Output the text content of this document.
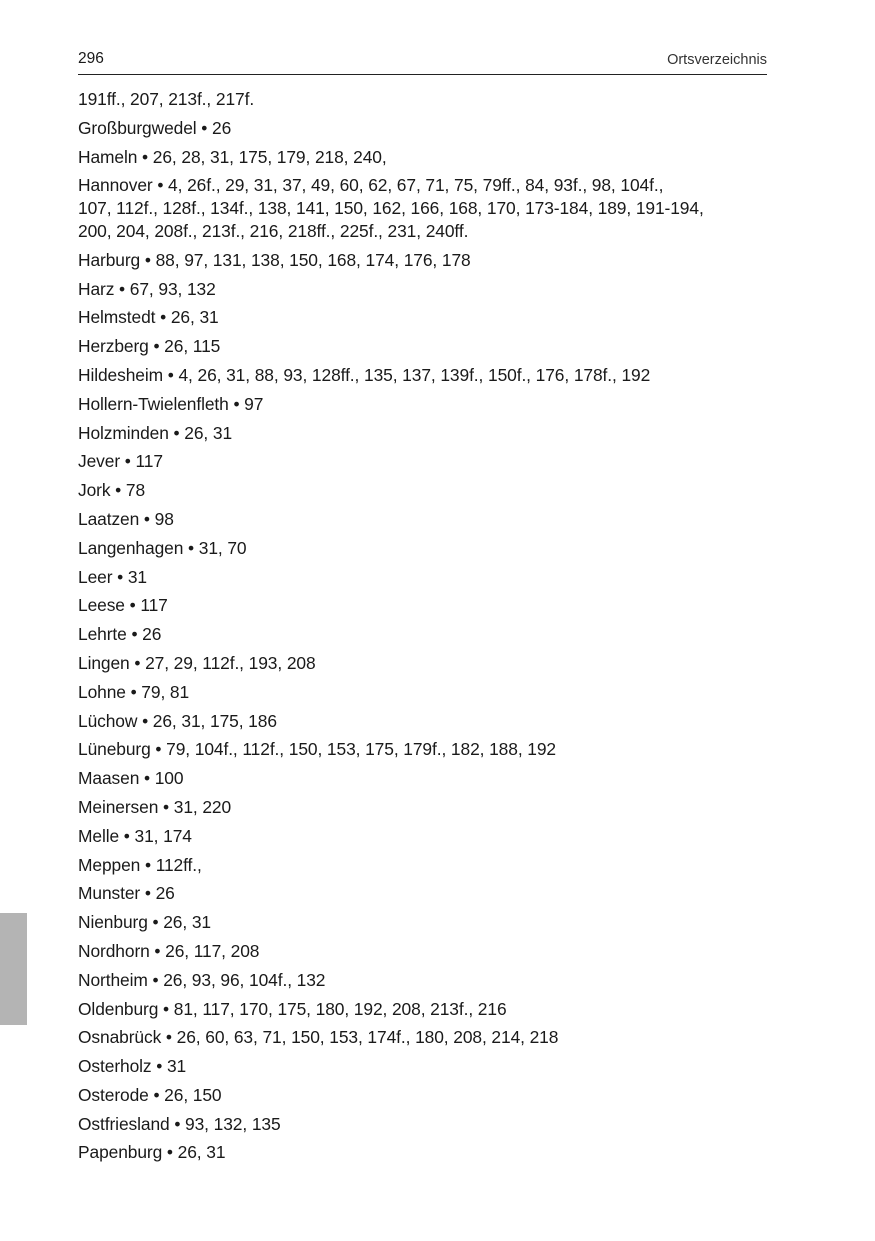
296	Ortsverzeichnis
191ff., 207, 213f., 217f.
Großburgwedel • 26
Hameln • 26, 28, 31, 175, 179, 218, 240,
Hannover • 4, 26f., 29, 31, 37, 49, 60, 62, 67, 71, 75, 79ff., 84, 93f., 98, 104f.,
107, 112f., 128f., 134f., 138, 141, 150, 162, 166, 168, 170, 173-184, 189, 191-194,
200, 204, 208f., 213f., 216, 218ff., 225f., 231, 240ff.
Harburg • 88, 97, 131, 138, 150, 168, 174, 176, 178
Harz • 67, 93, 132
Helmstedt • 26, 31
Herzberg • 26, 115
Hildesheim • 4, 26, 31, 88, 93, 128ff., 135, 137, 139f., 150f., 176, 178f., 192
Hollern-Twielenfleth • 97
Holzminden • 26, 31
Jever • 117
Jork • 78
Laatzen • 98
Langenhagen • 31, 70
Leer • 31
Leese • 117
Lehrte • 26
Lingen • 27, 29, 112f., 193, 208
Lohne • 79, 81
Lüchow • 26, 31, 175, 186
Lüneburg • 79, 104f., 112f., 150, 153, 175, 179f., 182, 188, 192
Maasen • 100
Meinersen • 31, 220
Melle • 31, 174
Meppen • 112ff.,
Munster • 26
Nienburg • 26, 31
Nordhorn • 26, 117, 208
Northeim • 26, 93, 96, 104f., 132
Oldenburg • 81, 117, 170, 175, 180, 192, 208, 213f., 216
Osnabrück • 26, 60, 63, 71, 150, 153, 174f., 180, 208, 214, 218
Osterholz • 31
Osterode • 26, 150
Ostfriesland • 93, 132, 135
Papenburg • 26, 31
